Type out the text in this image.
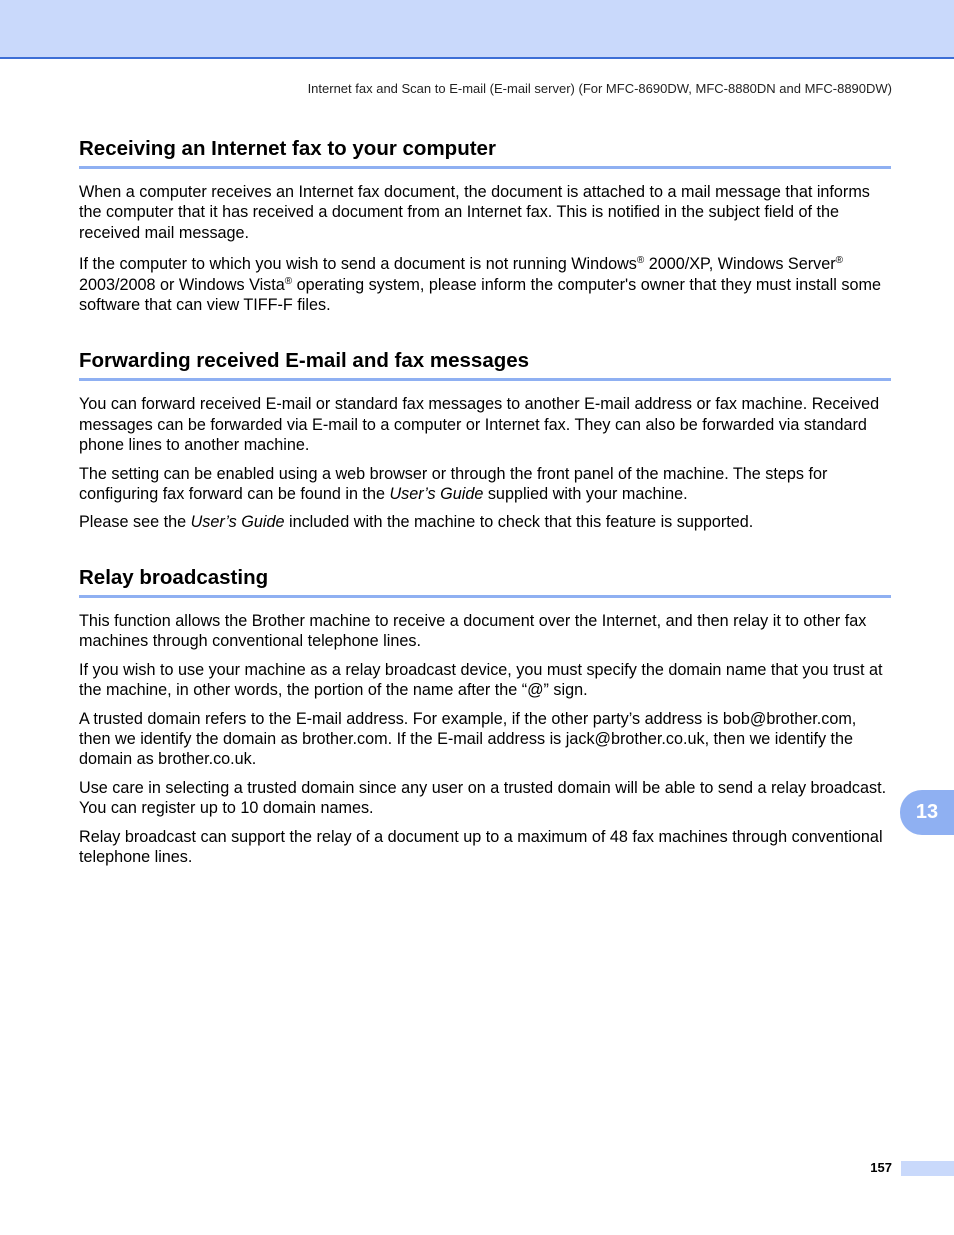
Internet fax and Scan to E-mail (E-mail server) (For MFC-8690DW, MFC-8880DN and MFC-8890DW)
Receiving an Internet fax to your computer

When a computer receives an Internet fax document, the document is attached to a mail message that informs the computer that it has received a document from an Internet fax. This is notified in the subject field of the received mail message.

If the computer to which you wish to send a document is not running Windows® 2000/XP, Windows Server®
2003/2008 or Windows Vista® operating system, please inform the computer's owner that they must install some software that can view TIFF-F files.

Forwarding received E-mail and fax messages

You can forward received E-mail or standard fax messages to another E-mail address or fax machine. Received messages can be forwarded via E-mail to a computer or Internet fax. They can also be forwarded via standard phone lines to another machine.

The setting can be enabled using a web browser or through the front panel of the machine. The steps for configuring fax forward can be found in the User’s Guide supplied with your machine.

Please see the User’s Guide included with the machine to check that this feature is supported.

Relay broadcasting

This function allows the Brother machine to receive a document over the Internet, and then relay it to other fax machines through conventional telephone lines.

If you wish to use your machine as a relay broadcast device, you must specify the domain name that you trust at the machine, in other words, the portion of the name after the “@” sign.

A trusted domain refers to the E-mail address. For example, if the other party’s address is bob@brother.com, then we identify the domain as brother.com. If the E-mail address is jack@brother.co.uk, then we identify the domain as brother.co.uk.

Use care in selecting a trusted domain since any user on a trusted domain will be able to send a relay broadcast. You can register up to 10 domain names.

Relay broadcast can support the relay of a document up to a maximum of 48 fax machines through conventional telephone lines.

13
157
